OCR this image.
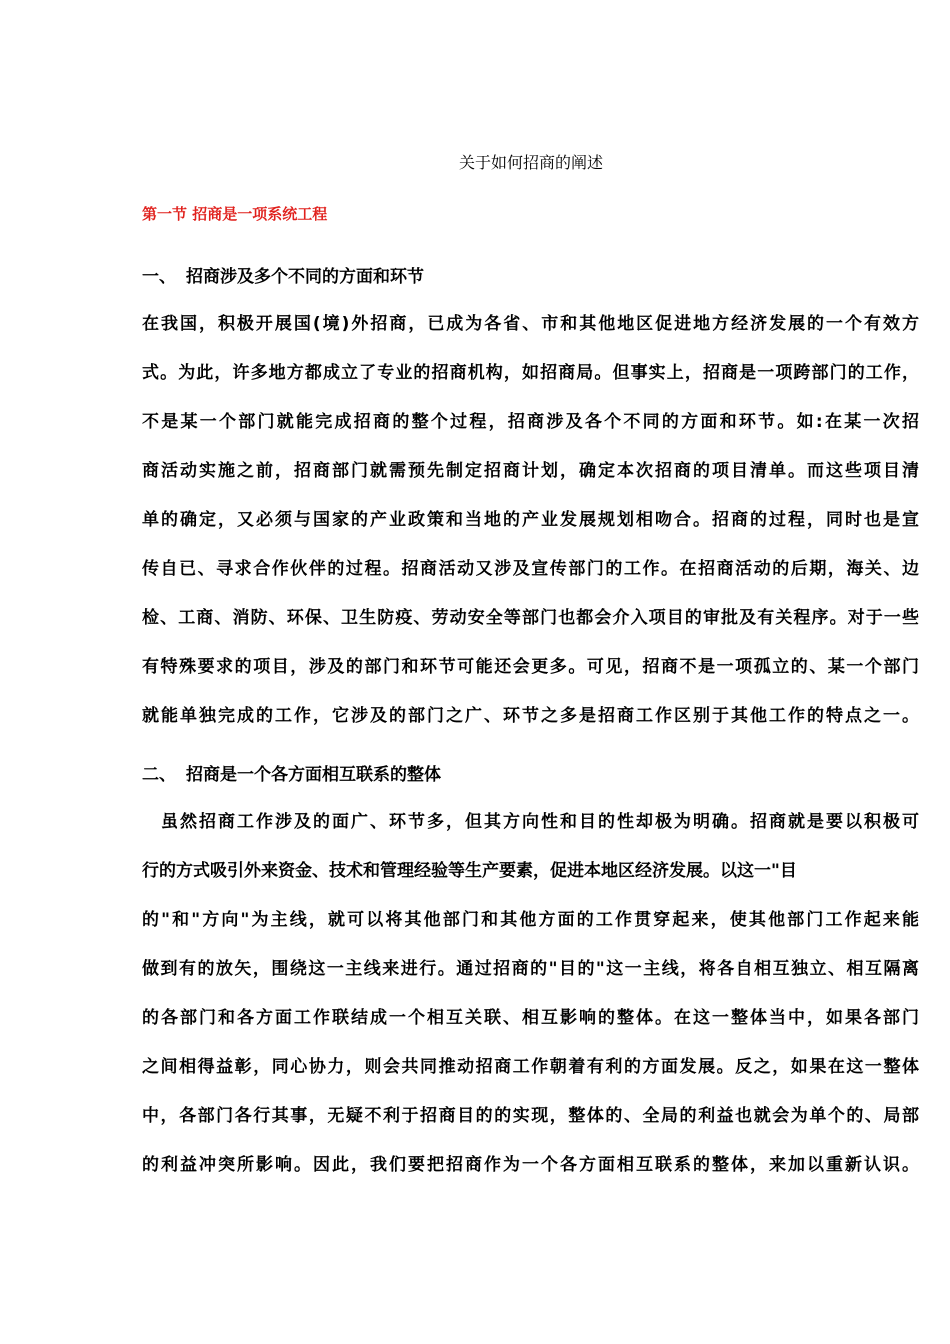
关于如何招商的阐述
第一节 招商是一项系统工程
一、 招商涉及多个不同的方面和环节
在我国，积极开展国(境)外招商，已成为各省、市和其他地区促进地方经济发展的一个有效方
式。为此，许多地方都成立了专业的招商机构，如招商局。但事实上，招商是一项跨部门的工作，
不是某一个部门就能完成招商的整个过程，招商涉及各个不同的方面和环节。如:在某一次招
商活动实施之前，招商部门就需预先制定招商计划，确定本次招商的项目清单。而这些项目清
单的确定，又必须与国家的产业政策和当地的产业发展规划相吻合。招商的过程，同时也是宣
传自已、寻求合作伙伴的过程。招商活动又涉及宣传部门的工作。在招商活动的后期，海关、边
检、工商、消防、环保、卫生防疫、劳动安全等部门也都会介入项目的审批及有关程序。对于一些
有特殊要求的项目，涉及的部门和环节可能还会更多。可见，招商不是一项孤立的、某一个部门
就能单独完成的工作，它涉及的部门之广、环节之多是招商工作区别于其他工作的特点之一。
二、 招商是一个各方面相互联系的整体
虽然招商工作涉及的面广、环节多，但其方向性和目的性却极为明确。招商就是要以积极可
行的方式吸引外来资金、技术和管理经验等生产要素，促进本地区经济发展。以这一"目
的"和"方向"为主线，就可以将其他部门和其他方面的工作贯穿起来，使其他部门工作起来能
做到有的放矢，围绕这一主线来进行。通过招商的"目的"这一主线，将各自相互独立、相互隔离
的各部门和各方面工作联结成一个相互关联、相互影响的整体。在这一整体当中，如果各部门
之间相得益彰，同心协力，则会共同推动招商工作朝着有利的方面发展。反之，如果在这一整体
中，各部门各行其事，无疑不利于招商目的的实现，整体的、全局的利益也就会为单个的、局部
的利益冲突所影响。因此，我们要把招商作为一个各方面相互联系的整体，来加以重新认识。
